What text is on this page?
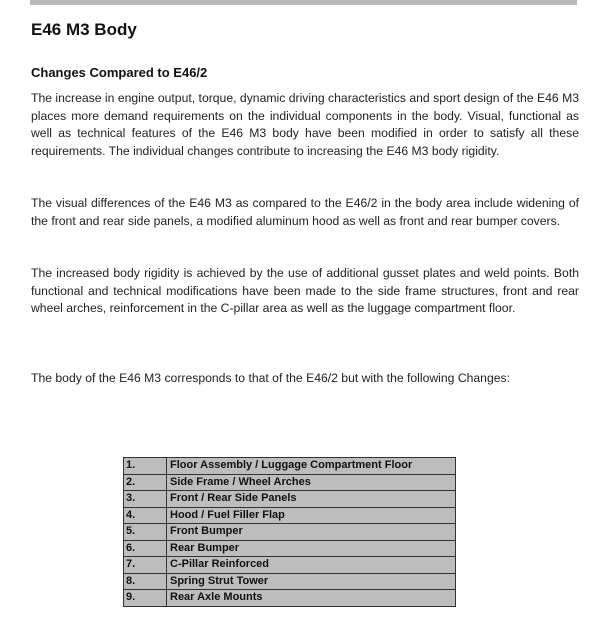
E46 M3 Body
Changes Compared to E46/2

The increase in engine output, torque, dynamic driving characteristics and sport design of the E46 M3 places more demand requirements on the individual components in the body. Visual, functional as well as technical features of the E46 M3 body have been modified in order to satisfy all these requirements. The individual changes contribute to increasing the E46 M3 body rigidity.

The visual differences of the E46 M3 as compared to the E46/2 in the body area include widening of the front and rear side panels, a modified aluminum hood as well as front and rear bumper covers.

The increased body rigidity is achieved by the use of additional gusset plates and weld points. Both functional and technical modifications have been made to the side frame structures, front and rear wheel arches, reinforcement in the C-pillar area as well as the luggage compartment floor.

The body of the E46 M3 corresponds to that of the E46/2 but with the following Changes:

1.	Floor Assembly / Luggage Compartment Floor
2.	Side Frame / Wheel Arches
3.	Front / Rear Side Panels
4.	Hood / Fuel Filler Flap
5.	Front Bumper
6.	Rear Bumper
7.	C-Pillar Reinforced
8.	Spring Strut Tower
9.	Rear Axle Mounts
